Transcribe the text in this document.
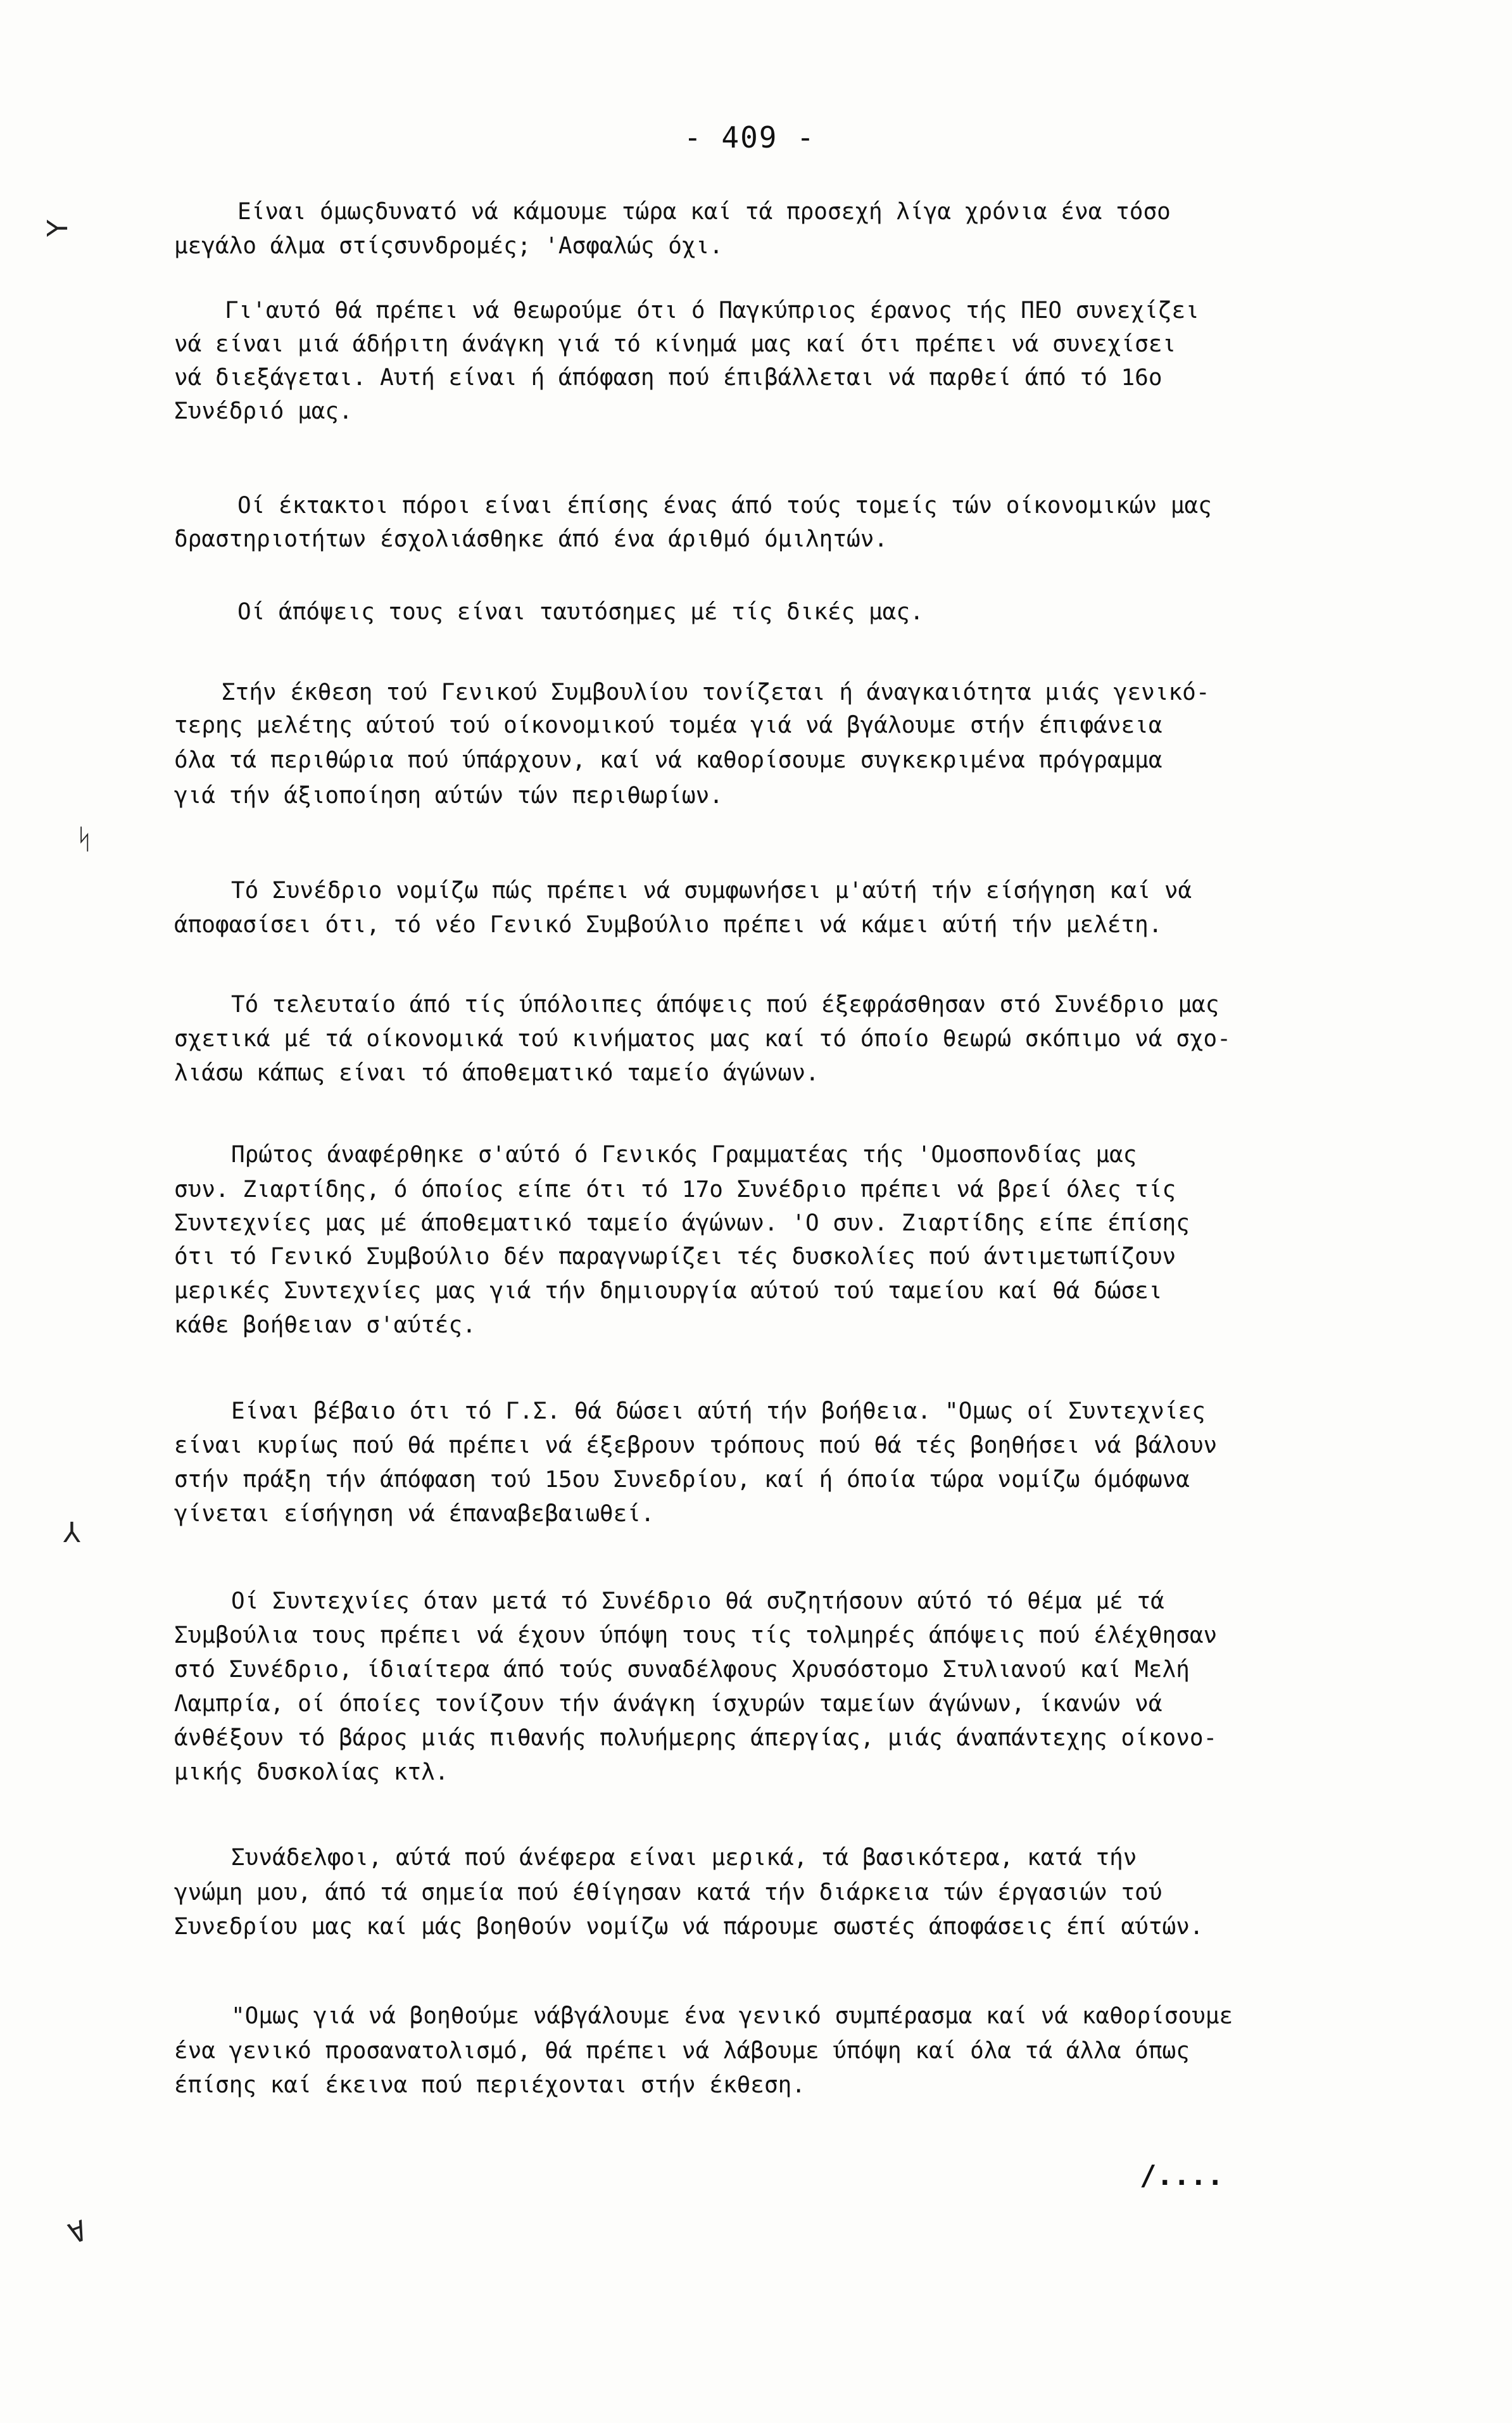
- 409 -
⅄
ᛋ
⅄
Ɐ
Είναι όμωςδυνατό νά κάμουμε τώρα καί τά προσεχή λίγα χρόνια ένα τόσο
μεγάλο άλμα στίςσυνδρομές; 'Ασφαλώς όχι.
Γι'αυτό θά πρέπει νά θεωρούμε ότι ό Παγκύπριος έρανος τής ΠΕΟ συνεχίζει
νά είναι μιά άδήριτη άνάγκη γιά τό κίνημά μας καί ότι πρέπει νά συνεχίσει
νά διεξάγεται. Αυτή είναι ή άπόφαση πού έπιβάλλεται νά παρθεί άπό τό 16ο
Συνέδριό μας.
Οί έκτακτοι πόροι είναι έπίσης ένας άπό τούς τομείς τών οίκονομικών μας
δραστηριοτήτων έσχολιάσθηκε άπό ένα άριθμό όμιλητών.
Οί άπόψεις τους είναι ταυτόσημες μέ τίς δικές μας.
Στήν έκθεση τού Γενικού Συμβουλίου τονίζεται ή άναγκαιότητα μιάς γενικό-
τερης μελέτης αύτού τού οίκονομικού τομέα γιά νά βγάλουμε στήν έπιφάνεια
όλα τά περιθώρια πού ύπάρχουν, καί νά καθορίσουμε συγκεκριμένα πρόγραμμα
γιά τήν άξιοποίηση αύτών τών περιθωρίων.
Τό Συνέδριο νομίζω πώς πρέπει νά συμφωνήσει μ'αύτή τήν είσήγηση καί νά
άποφασίσει ότι, τό νέο Γενικό Συμβούλιο πρέπει νά κάμει αύτή τήν μελέτη.
Τό τελευταίο άπό τίς ύπόλοιπες άπόψεις πού έξεφράσθησαν στό Συνέδριο μας
σχετικά μέ τά οίκονομικά τού κινήματος μας καί τό όποίο θεωρώ σκόπιμο νά σχο-
λιάσω κάπως είναι τό άποθεματικό ταμείο άγώνων.
Πρώτος άναφέρθηκε σ'αύτό ό Γενικός Γραμματέας τής 'Ομοσπονδίας μας
συν. Ζιαρτίδης, ό όποίος είπε ότι τό 17ο Συνέδριο πρέπει νά βρεί όλες τίς
Συντεχνίες μας μέ άποθεματικό ταμείο άγώνων. 'Ο συν. Ζιαρτίδης είπε έπίσης
ότι τό Γενικό Συμβούλιο δέν παραγνωρίζει τές δυσκολίες πού άντιμετωπίζουν
μερικές Συντεχνίες μας γιά τήν δημιουργία αύτού τού ταμείου καί θά δώσει
κάθε βοήθειαν σ'αύτές.
Είναι βέβαιο ότι τό Γ.Σ. θά δώσει αύτή τήν βοήθεια. "Ομως οί Συντεχνίες
είναι κυρίως πού θά πρέπει νά έξεβρουν τρόπους πού θά τές βοηθήσει νά βάλουν
στήν πράξη τήν άπόφαση τού 15ου Συνεδρίου, καί ή όποία τώρα νομίζω όμόφωνα
γίνεται είσήγηση νά έπαναβεβαιωθεί.
Οί Συντεχνίες όταν μετά τό Συνέδριο θά συζητήσουν αύτό τό θέμα μέ τά
Συμβούλια τους πρέπει νά έχουν ύπόψη τους τίς τολμηρές άπόψεις πού έλέχθησαν
στό Συνέδριο, ίδιαίτερα άπό τούς συναδέλφους Χρυσόστομο Στυλιανού καί Μελή
Λαμπρία, οί όποίες τονίζουν τήν άνάγκη ίσχυρών ταμείων άγώνων, ίκανών νά
άνθέξουν τό βάρος μιάς πιθανής πολυήμερης άπεργίας, μιάς άναπάντεχης οίκονο-
μικής δυσκολίας κτλ.
Συνάδελφοι, αύτά πού άνέφερα είναι μερικά, τά βασικότερα, κατά τήν
γνώμη μου, άπό τά σημεία πού έθίγησαν κατά τήν διάρκεια τών έργασιών τού
Συνεδρίου μας καί μάς βοηθούν νομίζω νά πάρουμε σωστές άποφάσεις έπί αύτών.
"Ομως γιά νά βοηθούμε νάβγάλουμε ένα γενικό συμπέρασμα καί νά καθορίσουμε
ένα γενικό προσανατολισμό, θά πρέπει νά λάβουμε ύπόψη καί όλα τά άλλα όπως
έπίσης καί έκεινα πού περιέχονται στήν έκθεση.
/....
